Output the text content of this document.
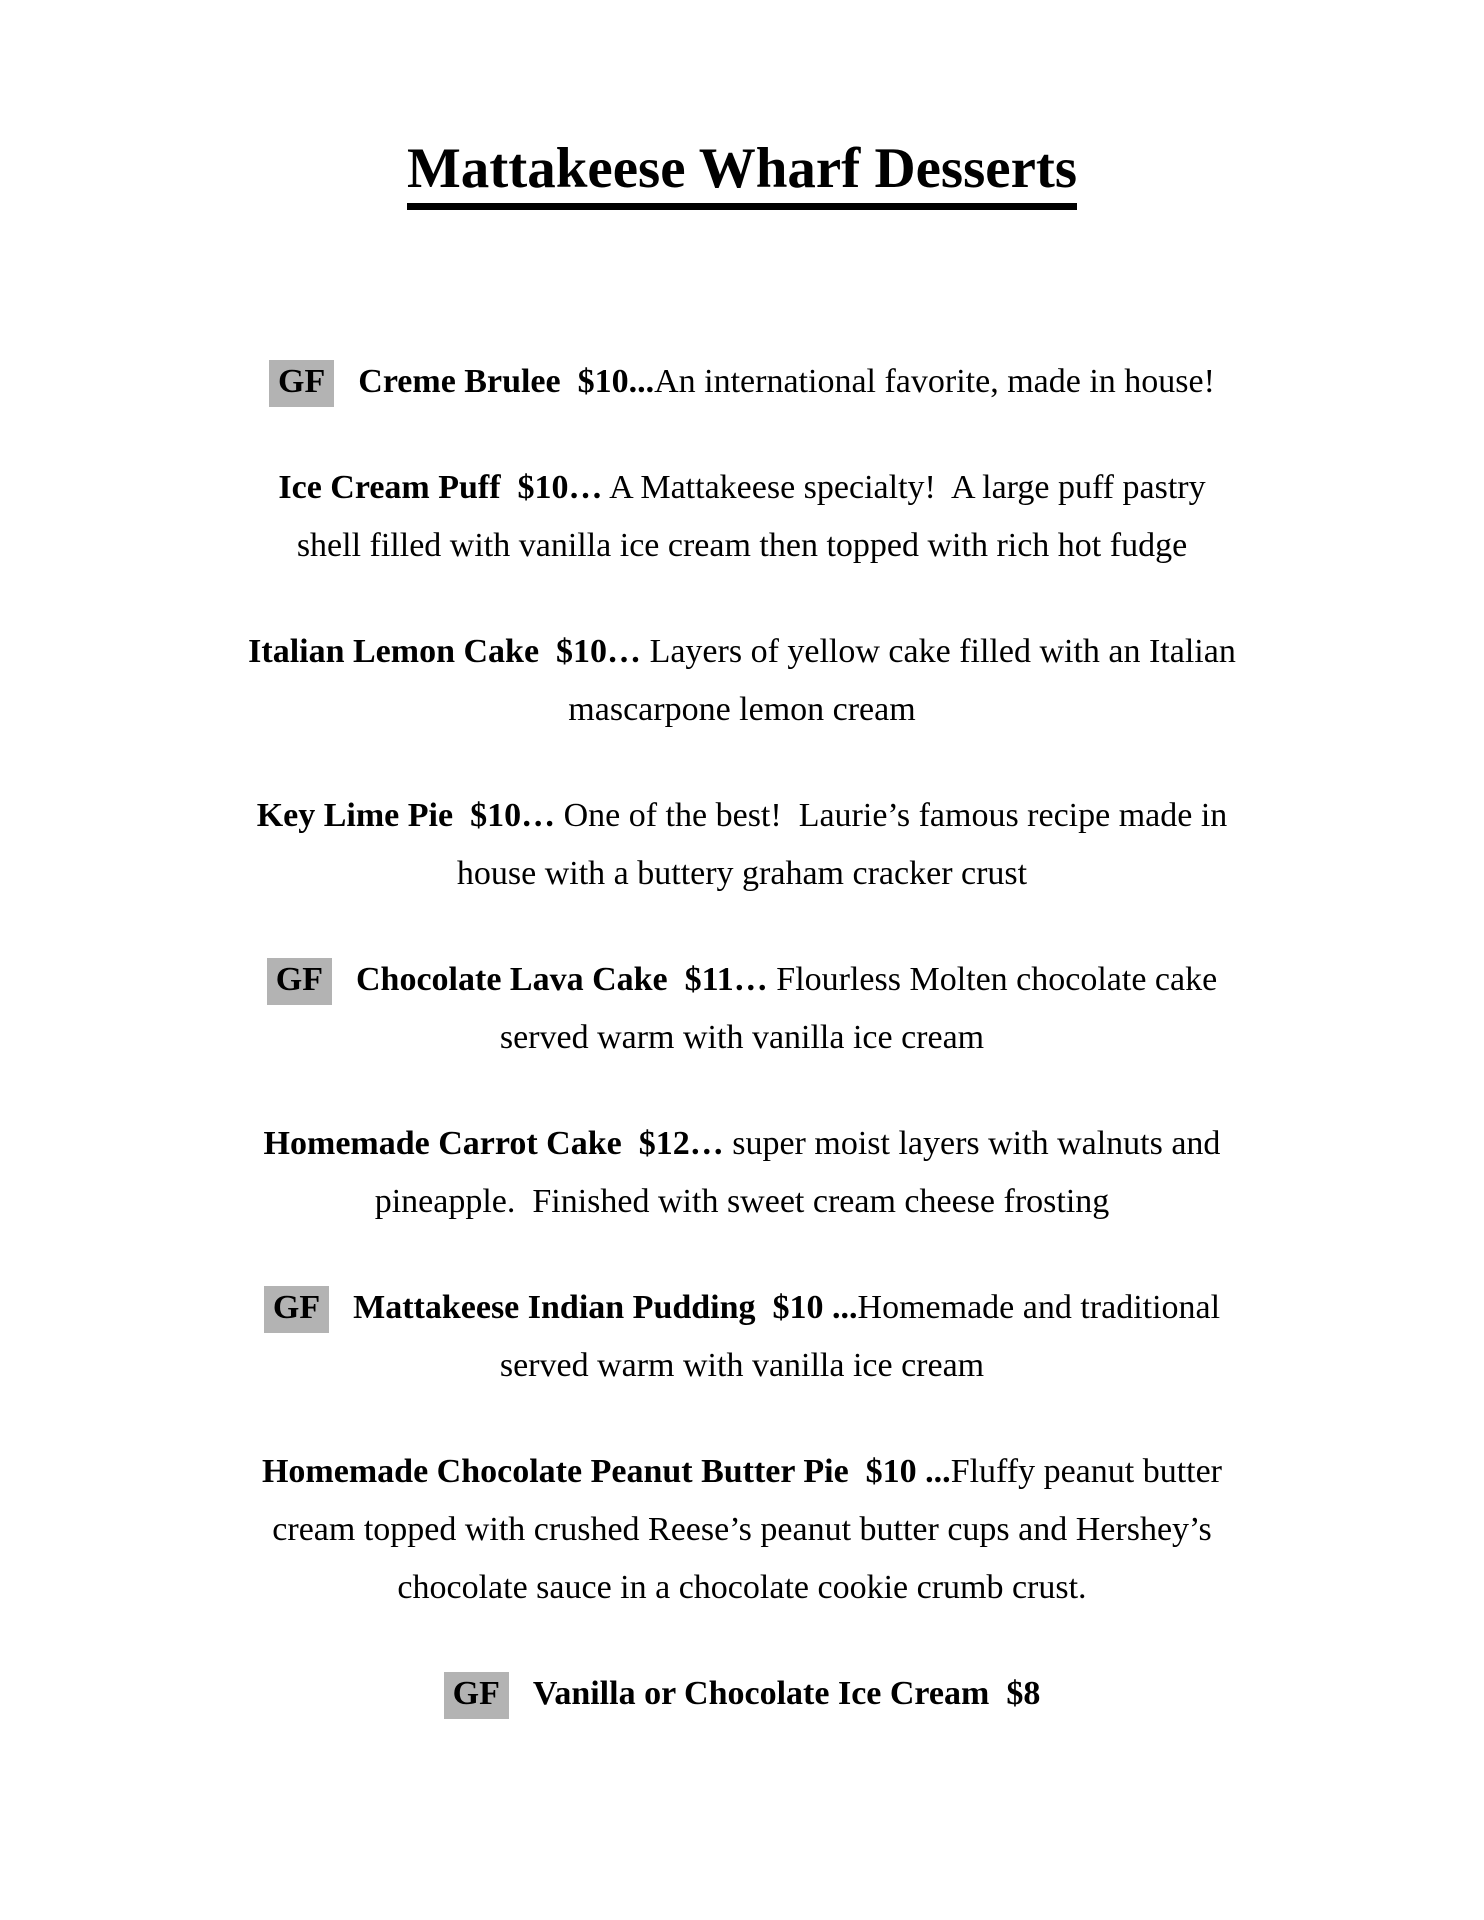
Mattakeese Wharf Desserts

GF Creme Brulee  $10...An international favorite, made in house!

Ice Cream Puff  $10… A Mattakeese specialty!  A large puff pastry
shell filled with vanilla ice cream then topped with rich hot fudge

Italian Lemon Cake  $10… Layers of yellow cake filled with an Italian
mascarpone lemon cream

Key Lime Pie  $10… One of the best!  Laurie’s famous recipe made in
house with a buttery graham cracker crust

GF Chocolate Lava Cake  $11… Flourless Molten chocolate cake
served warm with vanilla ice cream

Homemade Carrot Cake  $12… super moist layers with walnuts and
pineapple.  Finished with sweet cream cheese frosting

GF Mattakeese Indian Pudding  $10 ...Homemade and traditional
served warm with vanilla ice cream

Homemade Chocolate Peanut Butter Pie  $10 ...Fluffy peanut butter
cream topped with crushed Reese’s peanut butter cups and Hershey’s
chocolate sauce in a chocolate cookie crumb crust.

GF Vanilla or Chocolate Ice Cream  $8
